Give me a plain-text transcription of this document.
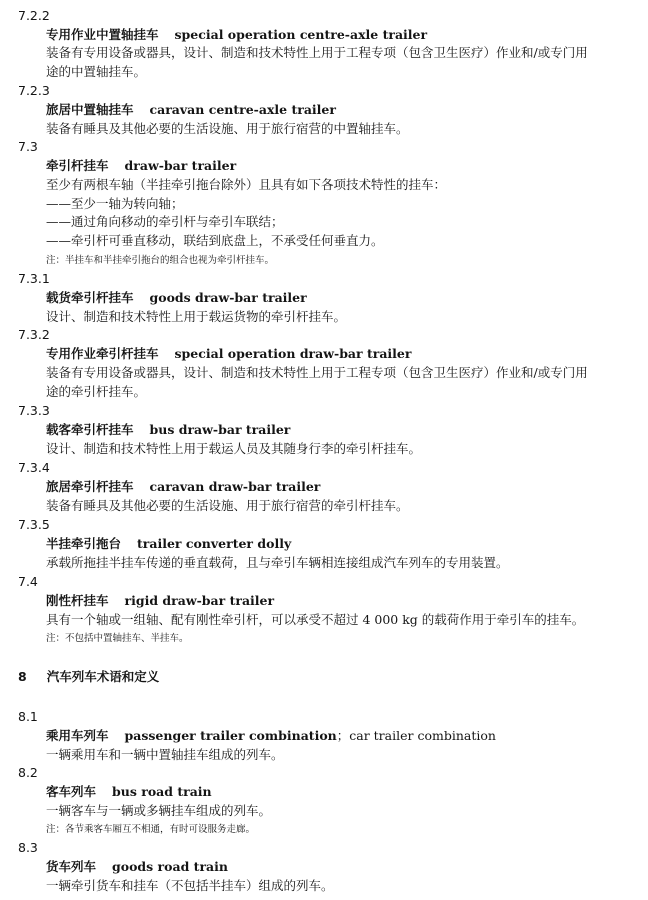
7.2.2
专用作业中置轴挂车 special operation centre-axle trailer
装备有专用设备或器具，设计、制造和技术特性上用于工程专项（包含卫生医疗）作业和/或专门用
途的中置轴挂车。
7.2.3
旅居中置轴挂车 caravan centre-axle trailer
装备有睡具及其他必要的生活设施、用于旅行宿营的中置轴挂车。
7.3
牵引杆挂车 draw-bar trailer
至少有两根车轴（半挂牵引拖台除外）且具有如下各项技术特性的挂车：
——至少一轴为转向轴；
——通过角向移动的牵引杆与牵引车联结；
——牵引杆可垂直移动，联结到底盘上，不承受任何垂直力。
注：半挂车和半挂牵引拖台的组合也视为牵引杆挂车。
7.3.1
载货牵引杆挂车 goods draw-bar trailer
设计、制造和技术特性上用于载运货物的牵引杆挂车。
7.3.2
专用作业牵引杆挂车 special operation draw-bar trailer
装备有专用设备或器具，设计、制造和技术特性上用于工程专项（包含卫生医疗）作业和/或专门用
途的牵引杆挂车。
7.3.3
载客牵引杆挂车 bus draw-bar trailer
设计、制造和技术特性上用于载运人员及其随身行李的牵引杆挂车。
7.3.4
旅居牵引杆挂车 caravan draw-bar trailer
装备有睡具及其他必要的生活设施、用于旅行宿营的牵引杆挂车。
7.3.5
半挂牵引拖台 trailer converter dolly
承载所拖挂半挂车传递的垂直载荷，且与牵引车辆相连接组成汽车列车的专用装置。
7.4
刚性杆挂车 rigid draw-bar trailer
具有一个轴或一组轴、配有刚性牵引杆，可以承受不超过 4 000 kg 的载荷作用于牵引车的挂车。
注：不包括中置轴挂车、半挂车。
8 汽车列车术语和定义
8.1
乘用车列车 passenger trailer combination；car trailer combination
一辆乘用车和一辆中置轴挂车组成的列车。
8.2
客车列车 bus road train
一辆客车与一辆或多辆挂车组成的列车。
注：各节乘客车厢互不相通，有时可设服务走廊。
8.3
货车列车 goods road train
一辆牵引货车和挂车（不包括半挂车）组成的列车。
